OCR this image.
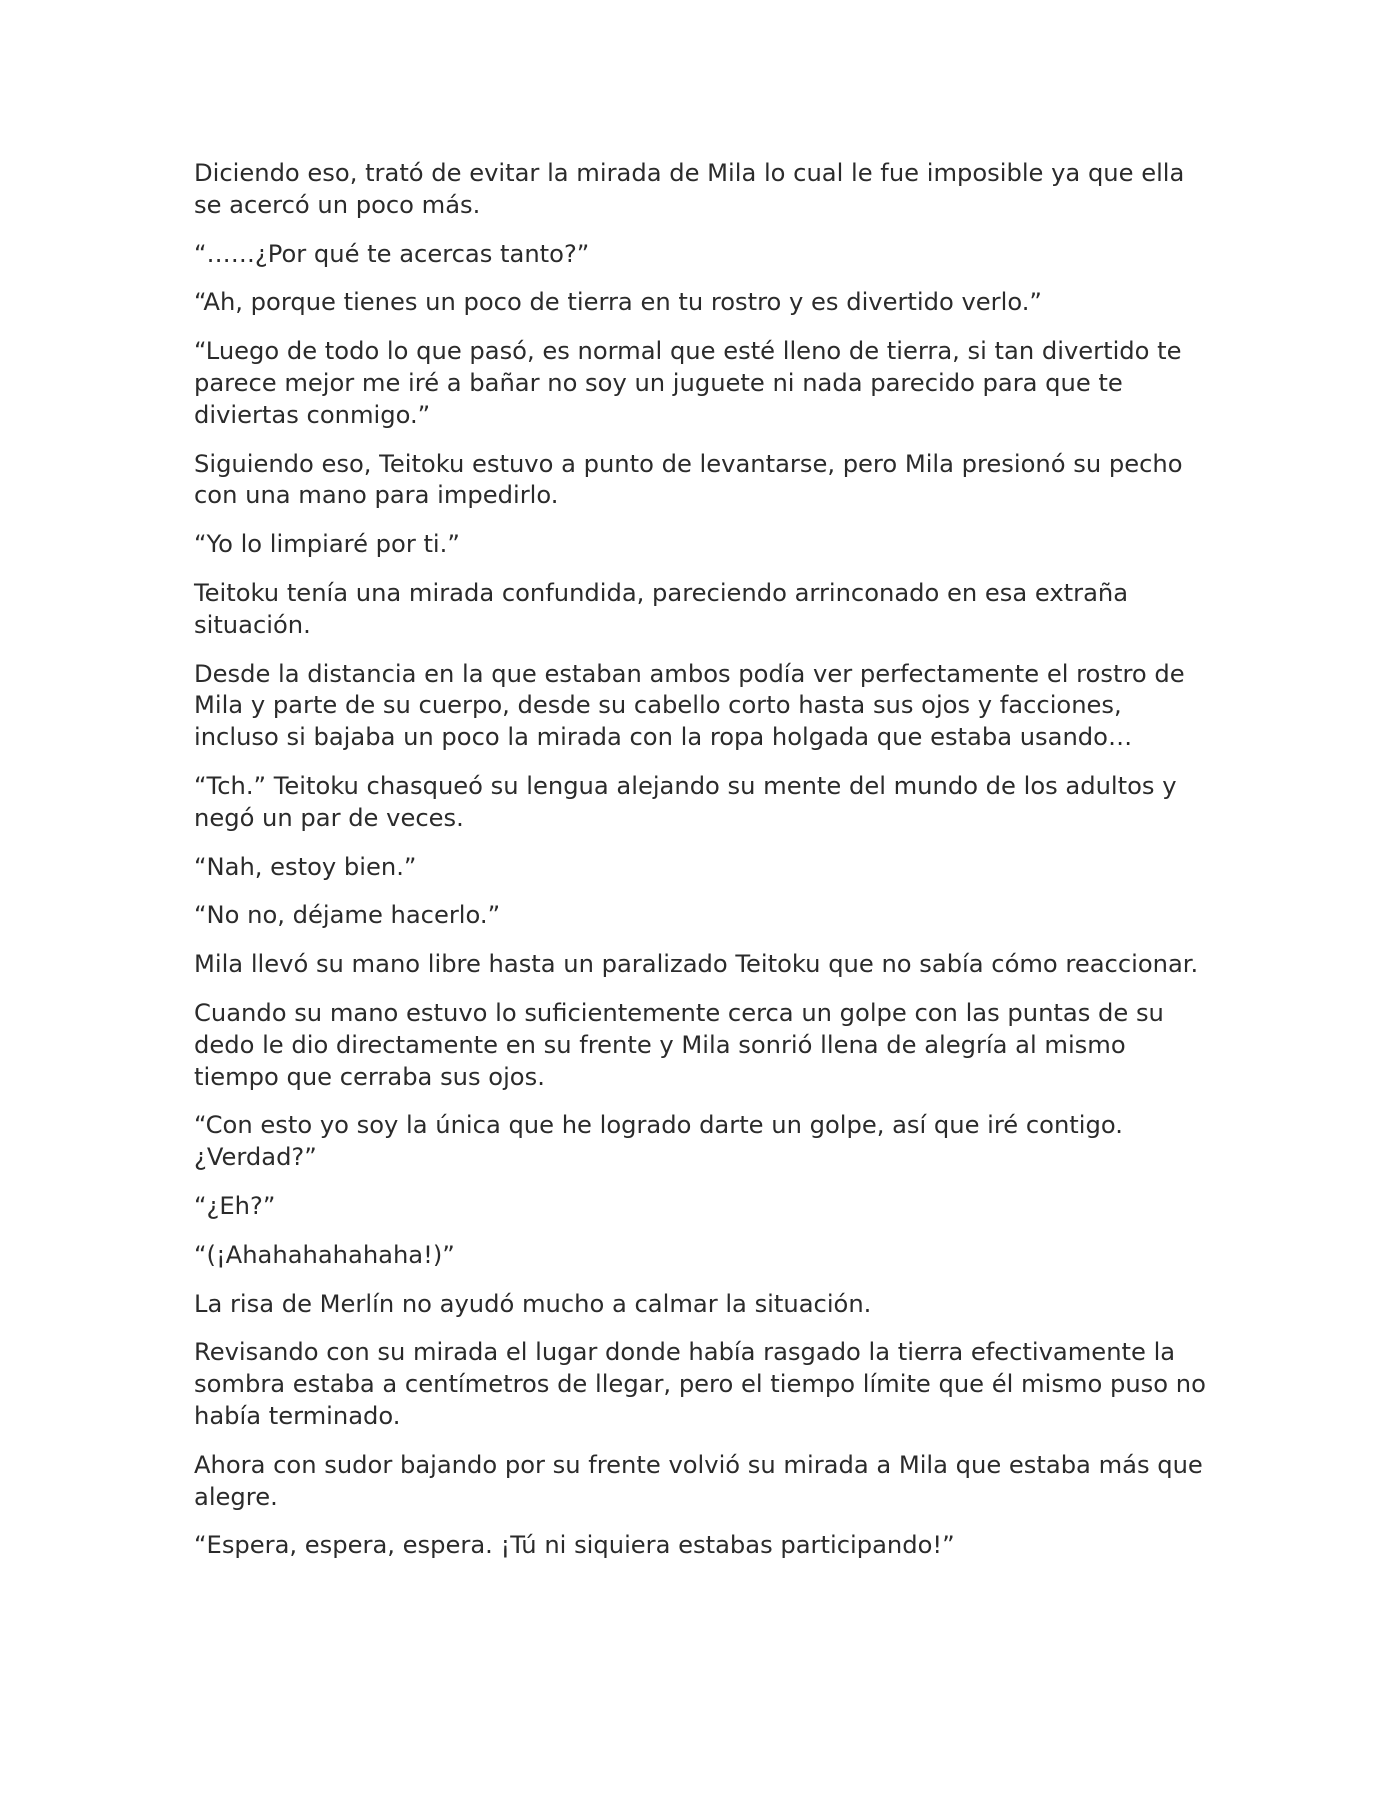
Diciendo eso, trató de evitar la mirada de Mila lo cual le fue imposible ya que ella se acercó un poco más.

“……¿Por qué te acercas tanto?”

“Ah, porque tienes un poco de tierra en tu rostro y es divertido verlo.”

“Luego de todo lo que pasó, es normal que esté lleno de tierra, si tan divertido te parece mejor me iré a bañar no soy un juguete ni nada parecido para que te diviertas conmigo.”

Siguiendo eso, Teitoku estuvo a punto de levantarse, pero Mila presionó su pecho con una mano para impedirlo.

“Yo lo limpiaré por ti.”

Teitoku tenía una mirada confundida, pareciendo arrinconado en esa extraña situación.

Desde la distancia en la que estaban ambos podía ver perfectamente el rostro de Mila y parte de su cuerpo, desde su cabello corto hasta sus ojos y facciones, incluso si bajaba un poco la mirada con la ropa holgada que estaba usando…

“Tch.” Teitoku chasqueó su lengua alejando su mente del mundo de los adultos y negó un par de veces.

“Nah, estoy bien.”

“No no, déjame hacerlo.”

Mila llevó su mano libre hasta un paralizado Teitoku que no sabía cómo reaccionar.

Cuando su mano estuvo lo suficientemente cerca un golpe con las puntas de su dedo le dio directamente en su frente y Mila sonrió llena de alegría al mismo tiempo que cerraba sus ojos.

“Con esto yo soy la única que he logrado darte un golpe, así que iré contigo. ¿Verdad?”

“¿Eh?”

“(¡Ahahahahahaha!)”

La risa de Merlín no ayudó mucho a calmar la situación.

Revisando con su mirada el lugar donde había rasgado la tierra efectivamente la sombra estaba a centímetros de llegar, pero el tiempo límite que él mismo puso no había terminado.

Ahora con sudor bajando por su frente volvió su mirada a Mila que estaba más que alegre.

“Espera, espera, espera. ¡Tú ni siquiera estabas participando!”
